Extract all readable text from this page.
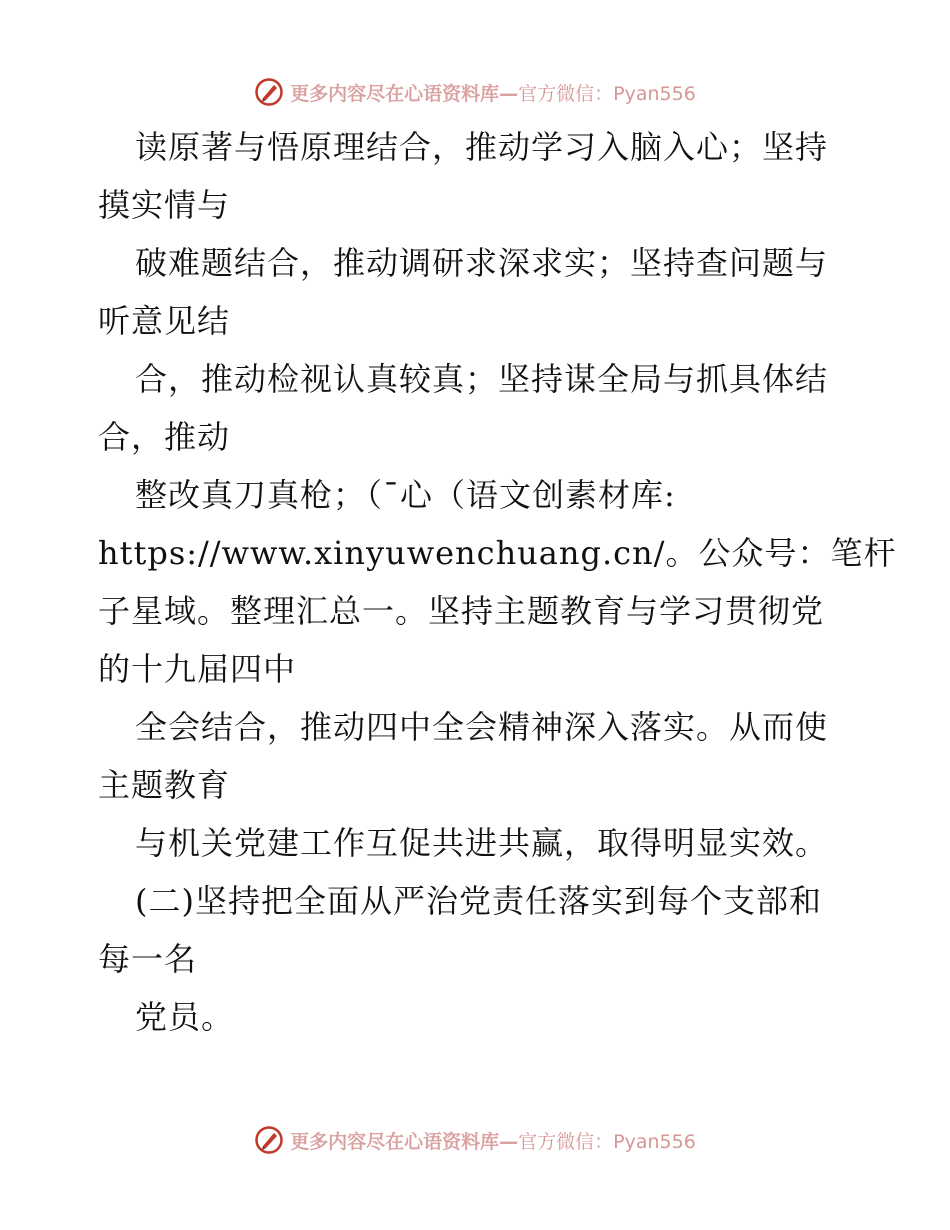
更多内容尽在心语资料库—官方微信：Pyan556
读原著与悟原理结合，推动学习入脑入心；坚持
摸实情与
破难题结合，推动调研求深求实；坚持查问题与
听意见结
合，推动检视认真较真；坚持谋全局与抓具体结
合，推动
整改真刀真枪；（¯心（语文创素材库:
https://www.xinyuwenchuang.cn/。公众号：笔杆
子星域。整理汇总一。坚持主题教育与学习贯彻党
的十九届四中
全会结合，推动四中全会精神深入落实。从而使
主题教育
与机关党建工作互促共进共赢，取得明显实效。
(二)坚持把全面从严治党责任落实到每个支部和
每一名
党员。
更多内容尽在心语资料库—官方微信：Pyan556
